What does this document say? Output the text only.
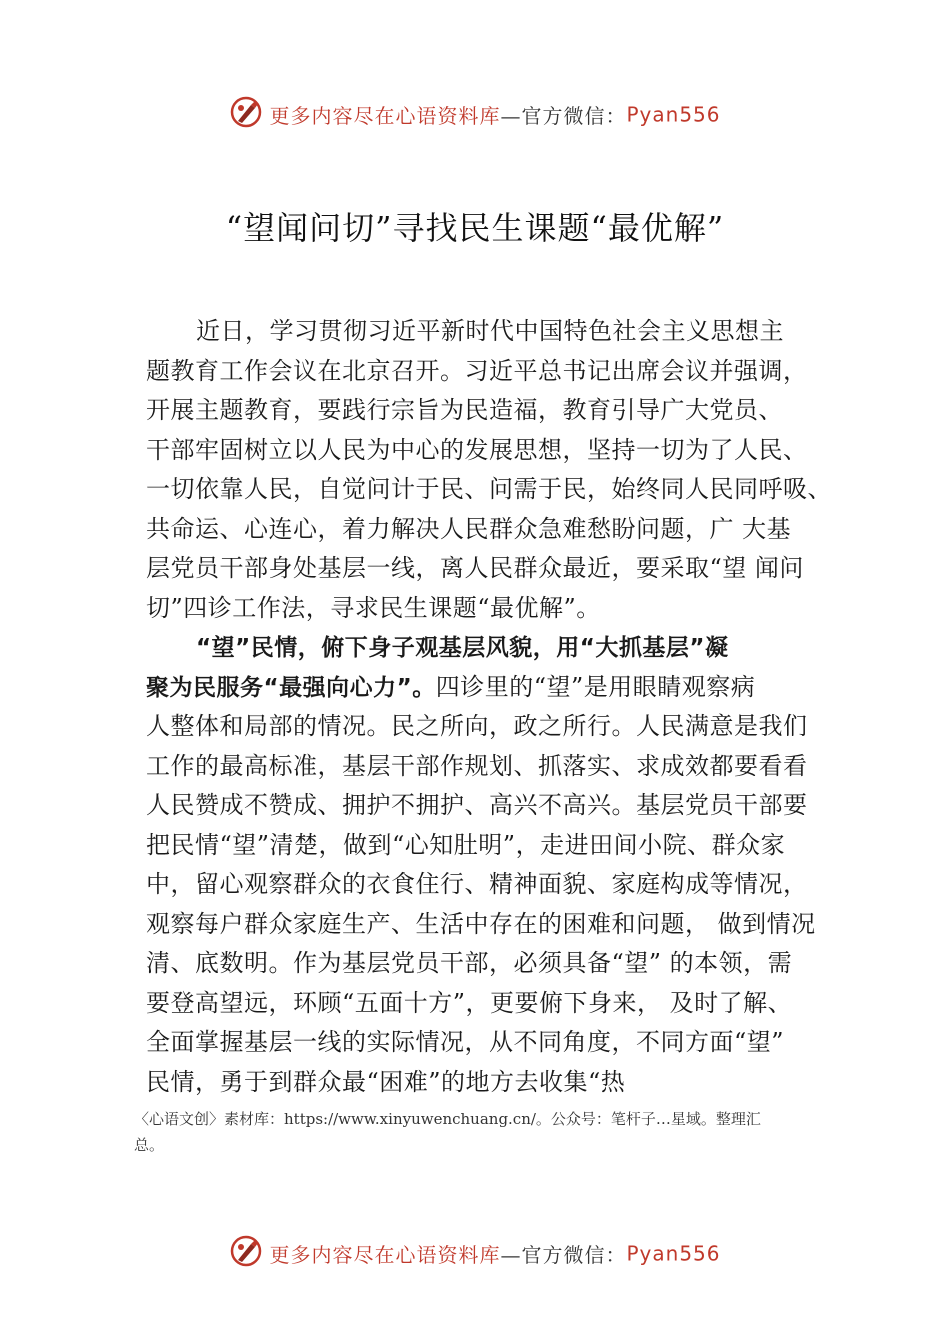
更多内容尽在心语资料库—官方微信：Pyan556
“望闻问切”寻找民生课题“最优解”
近日，学习贯彻习近平新时代中国特色社会主义思想主
题教育工作会议在北京召开。习近平总书记出席会议并强调，
开展主题教育，要践行宗旨为民造福，教育引导广大党员、
干部牢固树立以人民为中心的发展思想，坚持一切为了人民、
一切依靠人民，自觉问计于民、问需于民，始终同人民同呼吸、
共命运、心连心，着力解决人民群众急难愁盼问题，广 大基
层党员干部身处基层一线，离人民群众最近，要采取“望 闻问
切”四诊工作法，寻求民生课题“最优解”。
“望”民情，俯下身子观基层风貌，用“大抓基层”凝
聚为民服务“最强向心力”。四诊里的“望”是用眼睛观察病
人整体和局部的情况。民之所向，政之所行。人民满意是我们
工作的最高标准，基层干部作规划、抓落实、求成效都要看看
人民赞成不赞成、拥护不拥护、高兴不高兴。基层党员干部要
把民情“望”清楚，做到“心知肚明”，走进田间小院、群众家
中，留心观察群众的衣食住行、精神面貌、家庭构成等情况，
观察每户群众家庭生产、生活中存在的困难和问题， 做到情况
清、底数明。作为基层党员干部，必须具备“望” 的本领，需
要登高望远，环顾“五面十方”，更要俯下身来， 及时了解、
全面掌握基层一线的实际情况，从不同角度，不同方面“望”
民情，勇于到群众最“困难”的地方去收集“热
〈心语文创〉素材库：https://www.xinyuwenchuang.cn/。公众号：笔杆子…星域。整理汇
总。
更多内容尽在心语资料库—官方微信：Pyan556
